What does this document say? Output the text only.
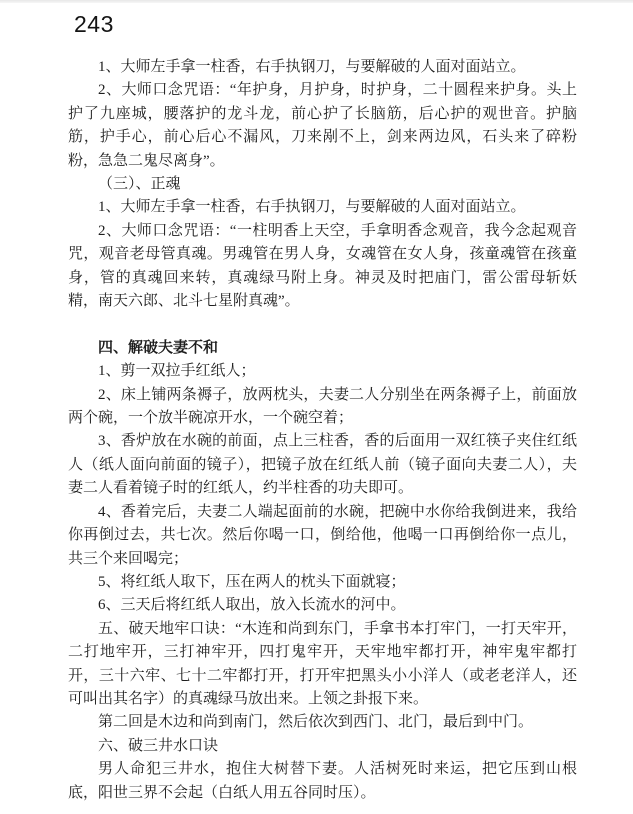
243

1、大师左手拿一柱香，右手执钢刀，与要解破的人面对面站立。

2、大师口念咒语：“年护身，月护身，时护身，二十圆程来护身。头上护了九座城，腰落护的龙斗龙，前心护了长脑筋，后心护的观世音。护脑筋，护手心，前心后心不漏风，刀来剐不上，剑来两边风，石头来了碎粉粉，急急二鬼尽离身”。

（三）、正魂

1、大师左手拿一柱香，右手执钢刀，与要解破的人面对面站立。

2、大师口念咒语：“一柱明香上天空，手拿明香念观音，我今念起观音咒，观音老母管真魂。男魂管在男人身，女魂管在女人身，孩童魂管在孩童身，管的真魂回来转，真魂绿马附上身。神灵及时把庙门，雷公雷母斩妖精，南天六郎、北斗七星附真魂”。

四、解破夫妻不和

1、剪一双拉手红纸人；

2、床上铺两条褥子，放两枕头，夫妻二人分别坐在两条褥子上，前面放两个碗，一个放半碗凉开水，一个碗空着；

3、香炉放在水碗的前面，点上三柱香，香的后面用一双红筷子夹住红纸人（纸人面向前面的镜子），把镜子放在红纸人前（镜子面向夫妻二人），夫妻二人看着镜子时的红纸人，约半柱香的功夫即可。

4、香着完后，夫妻二人端起面前的水碗，把碗中水你给我倒进来，我给你再倒过去，共七次。然后你喝一口，倒给他，他喝一口再倒给你一点儿，共三个来回喝完；

5、将红纸人取下，压在两人的枕头下面就寝；

6、三天后将红纸人取出，放入长流水的河中。

五、破天地牢口诀：“木连和尚到东门，手拿书本打牢门，一打天牢开，二打地牢开，三打神牢开，四打鬼牢开，天牢地牢都打开，神牢鬼牢都打开，三十六牢、七十二牢都打开，打开牢把黑头小小洋人（或老老洋人，还可叫出其名字）的真魂绿马放出来。上领之卦报下来。

第二回是木边和尚到南门，然后依次到西门、北门，最后到中门。

六、破三井水口诀

男人命犯三井水，抱住大树替下妻。人活树死时来运，把它压到山根底，阳世三界不会起（白纸人用五谷同时压）。
